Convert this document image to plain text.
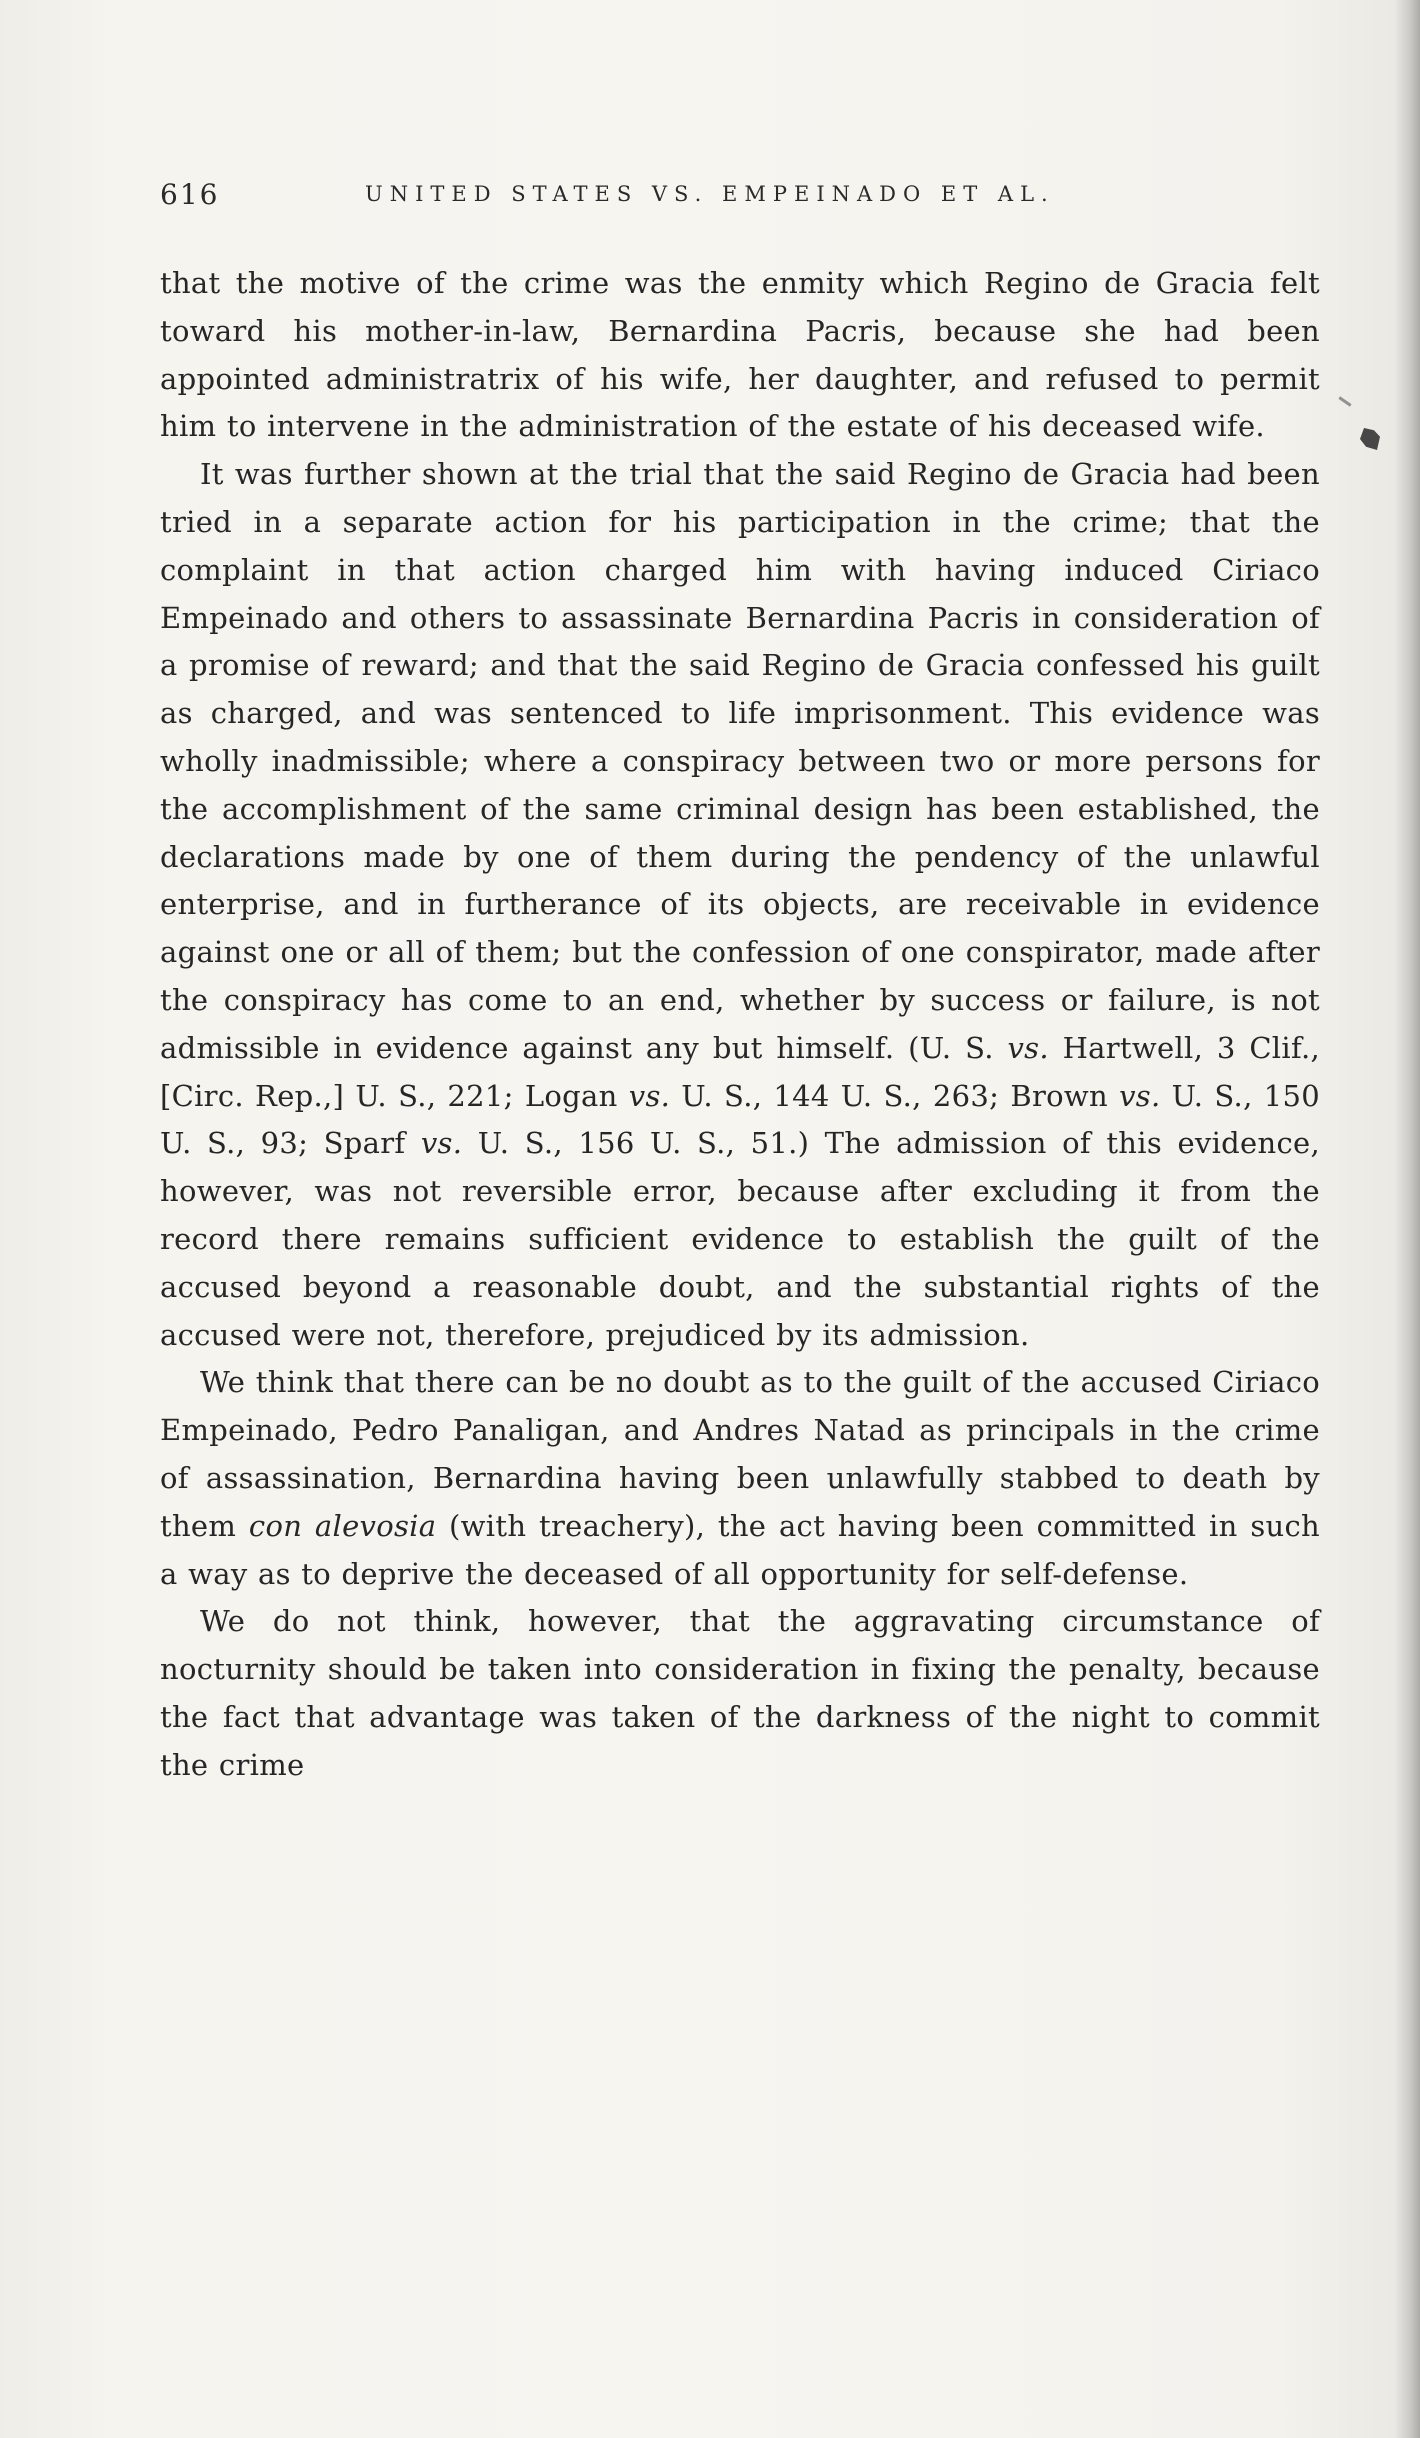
616	UNITED STATES VS. EMPEINADO ET AL.

that the motive of the crime was the enmity which Regino de Gracia felt toward his mother-in-law, Bernardina Pacris, because she had been appointed administratrix of his wife, her daughter, and refused to permit him to intervene in the administration of the estate of his deceased wife.

It was further shown at the trial that the said Regino de Gracia had been tried in a separate action for his participation in the crime; that the complaint in that action charged him with having induced Ciriaco Empeinado and others to assassinate Bernardina Pacris in consideration of a promise of reward; and that the said Regino de Gracia confessed his guilt as charged, and was sentenced to life imprisonment. This evidence was wholly inadmissible; where a conspiracy between two or more persons for the accomplishment of the same criminal design has been established, the declarations made by one of them during the pendency of the unlawful enterprise, and in furtherance of its objects, are receivable in evidence against one or all of them; but the confession of one conspirator, made after the conspiracy has come to an end, whether by success or failure, is not admissible in evidence against any but himself. (U. S. vs. Hartwell, 3 Clif., [Circ. Rep.,] U. S., 221; Logan vs. U. S., 144 U. S., 263; Brown vs. U. S., 150 U. S., 93; Sparf vs. U. S., 156 U. S., 51.) The admission of this evidence, however, was not reversible error, because after excluding it from the record there remains sufficient evidence to establish the guilt of the accused beyond a reasonable doubt, and the substantial rights of the accused were not, therefore, prejudiced by its admission.

We think that there can be no doubt as to the guilt of the accused Ciriaco Empeinado, Pedro Panaligan, and Andres Natad as principals in the crime of assassination, Bernardina having been unlawfully stabbed to death by them con alevosia (with treachery), the act having been committed in such a way as to deprive the deceased of all opportunity for self-defense.

We do not think, however, that the aggravating circumstance of nocturnity should be taken into consideration in fixing the penalty, because the fact that advantage was taken of the darkness of the night to commit the crime
